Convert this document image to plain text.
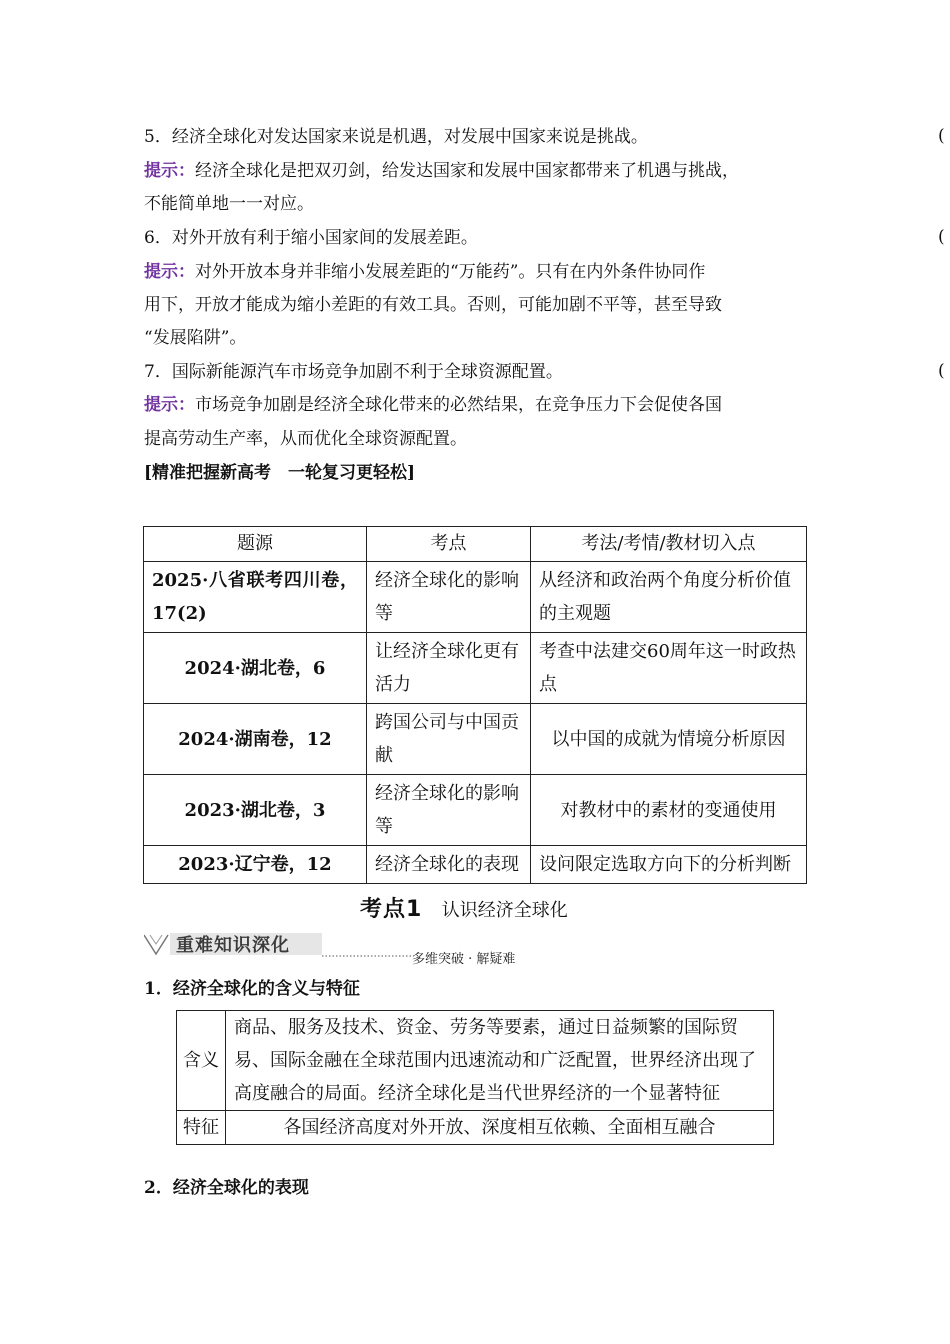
5．经济全球化对发达国家来说是机遇，对发展中国家来说是挑战。	(
提示：经济全球化是把双刃剑，给发达国家和发展中国家都带来了机遇与挑战，
不能简单地一一对应。
6．对外开放有利于缩小国家间的发展差距。	(
提示：对外开放本身并非缩小发展差距的“万能药”。只有在内外条件协同作
用下，开放才能成为缩小差距的有效工具。否则，可能加剧不平等，甚至导致
“发展陷阱”。
7．国际新能源汽车市场竞争加剧不利于全球资源配置。	(
提示：市场竞争加剧是经济全球化带来的必然结果，在竞争压力下会促使各国
提高劳动生产率，从而优化全球资源配置。
[精准把握新高考　一轮复习更轻松]
题源	考点	考法/考情/教材切入点
2025·八省联考四川卷，17(2)	经济全球化的影响等	从经济和政治两个角度分析价值的主观题
2024·湖北卷，6	让经济全球化更有活力	考查中法建交60周年这一时政热点
2024·湖南卷，12	跨国公司与中国贡献	以中国的成就为情境分析原因
2023·湖北卷，3	经济全球化的影响等	对教材中的素材的变通使用
2023·辽宁卷，12	经济全球化的表现	设问限定选取方向下的分析判断
考点1 认识经济全球化
重难知识深化
多维突破 · 解疑难
1．经济全球化的含义与特征
含义	商品、服务及技术、资金、劳务等要素，通过日益频繁的国际贸易、国际金融在全球范围内迅速流动和广泛配置，世界经济出现了高度融合的局面。经济全球化是当代世界经济的一个显著特征
特征	各国经济高度对外开放、深度相互依赖、全面相互融合
2．经济全球化的表现
